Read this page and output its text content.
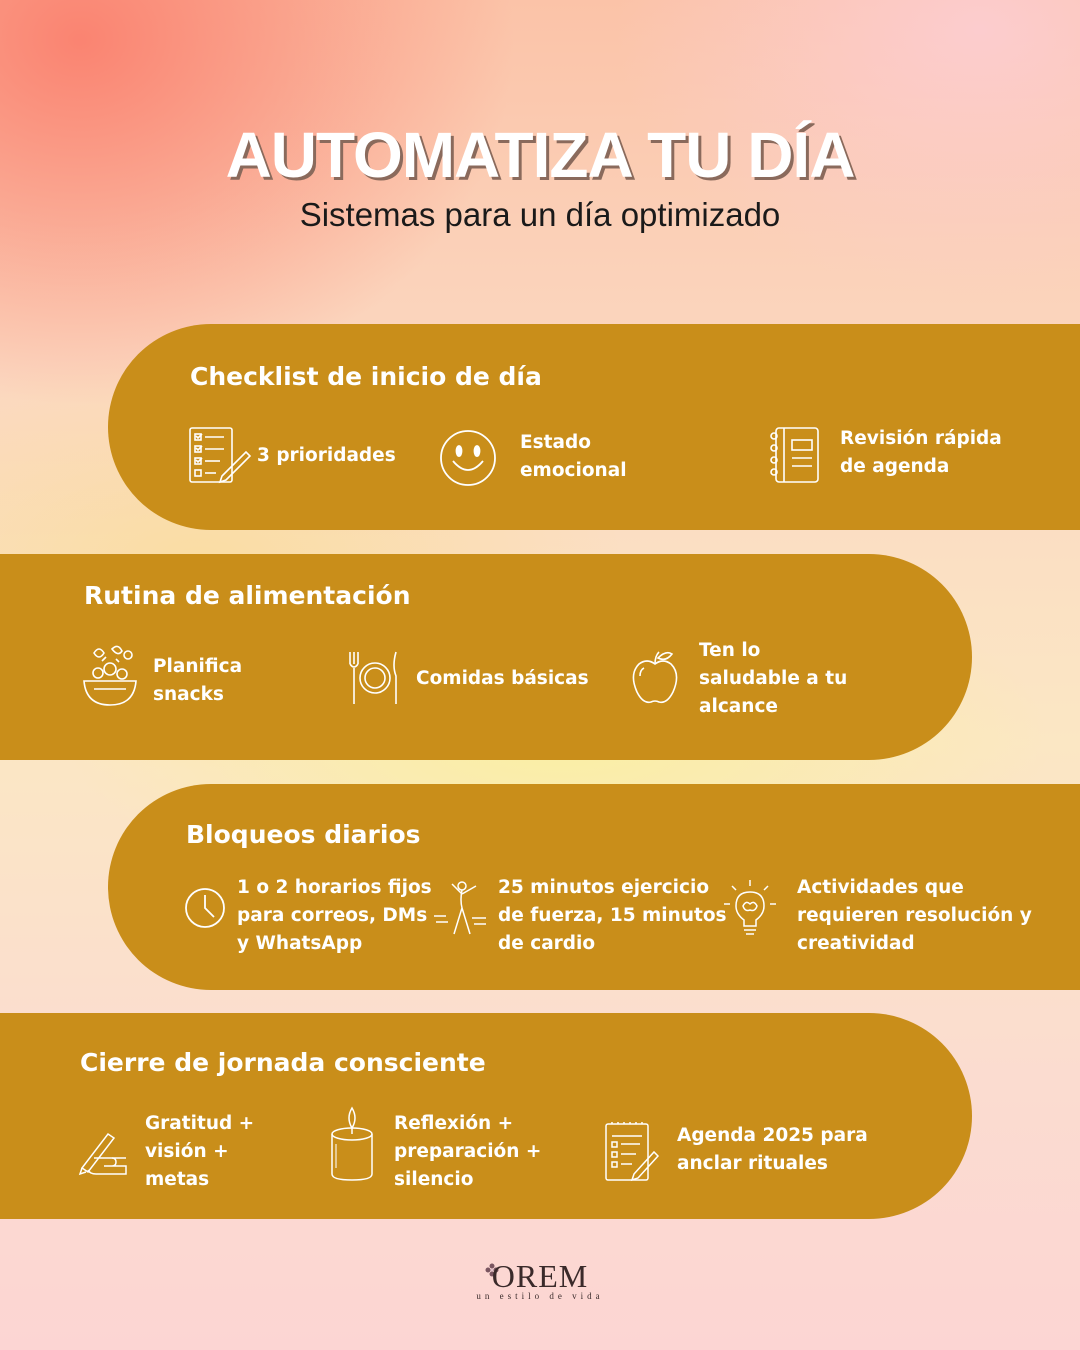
AUTOMATIZA TU DÍA
Sistemas para un día optimizado
Checklist de inicio de día
3 prioridades
Estado
emocional
Revisión rápida
de agenda
Rutina de alimentación
Planifica
snacks
Comidas básicas
Ten lo
saludable a tu
alcance
Bloqueos diarios
1 o 2 horarios fijos
para correos, DMs
y WhatsApp
25 minutos ejercicio
de fuerza, 15 minutos
de cardio
Actividades que
requieren resolución y
creatividad
Cierre de jornada consciente
Gratitud +
visión +
metas
Reflexión +
preparación +
silencio
Agenda 2025 para
anclar rituales
OREM
un estilo de vida
